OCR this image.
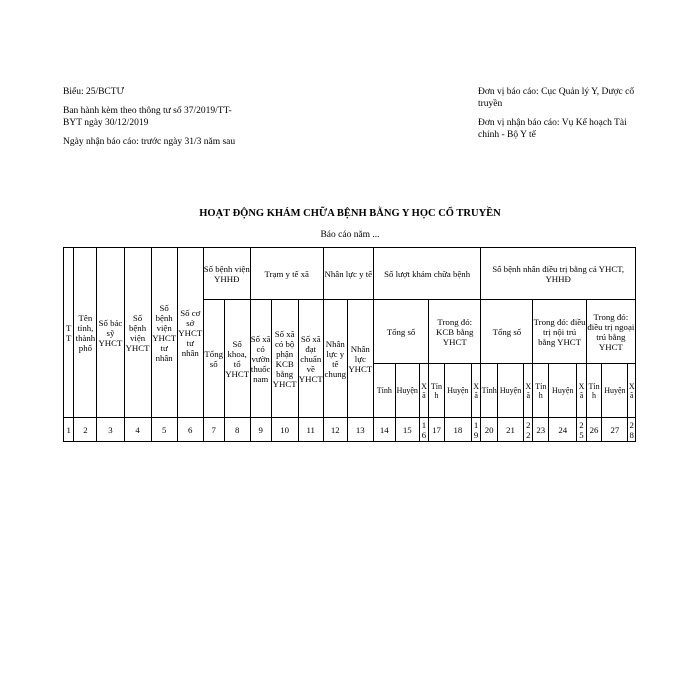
Biểu: 25/BCTƯ

Ban hành kèm theo thông tư số 37/2019/TT-BYT ngày 30/12/2019

Ngày nhận báo cáo: trước ngày 31/3 năm sau

Đơn vị báo cáo: Cục Quản lý Y, Dược cổ truyền

Đơn vị nhận báo cáo: Vụ Kế hoạch Tài chính - Bộ Y tế

HOẠT ĐỘNG KHÁM CHỮA BỆNH BẰNG Y HỌC CỔ TRUYỀN
Báo cáo năm ...
TT	Tên tỉnh, thành phố	Số bác sỹ YHCT	Số bệnh viện YHCT	Số bệnh viện YHCT tư nhân	Số cơ sở YHCT tư nhân	Số bệnh viện YHHĐ		Trạm y tế xã			Nhân lực y tế		Số lượt khám chữa bệnh						Số bệnh nhân điều trị bằng cả YHCT, YHHĐ								
						Tổng số	Số khoa, tổ YHCT	Số xã có vườn thuốc nam	Số xã có bộ phận KCB bằng YHCT	Số xã đạt chuẩn về YHCT	Nhân lực y tế chung	Nhân lực YHCT	Tổng số			Trong đó: KCB bằng YHCT			Tổng số			Trong đó: điều trị nội trú bằng YHCT			Trong đó: điều trị ngoại trú bằng YHCT		
													Tỉnh	Huyện	Xã	Tỉnh	Huyện	Xã	Tỉnh	Huyện	Xã	Tỉnh	Huyện	Xã	Tỉnh	Huyện	Xã
1	2	3	4	5	6	7	8	9	10	11	12	13	14	15	16	17	18	19	20	21	22	23	24	25	26	27	28
